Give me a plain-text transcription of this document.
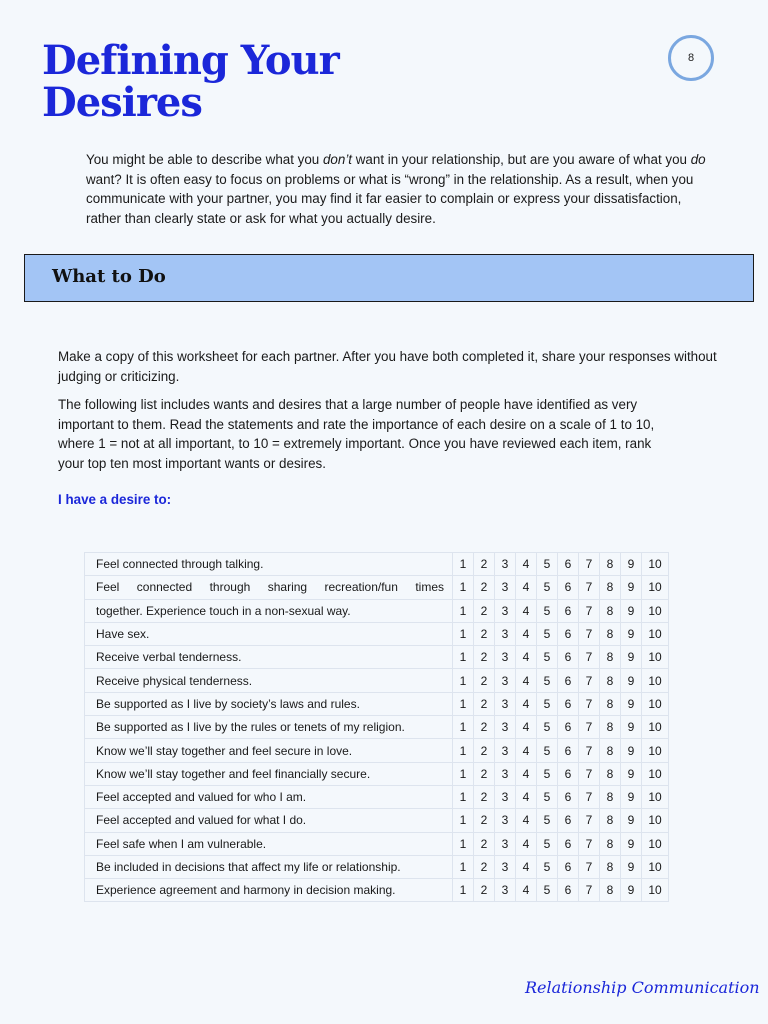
Defining Your
Desires
8

You might be able to describe what you don’t want in your relationship, but are you aware of what you do want? It is often easy to focus on problems or what is “wrong” in the relationship. As a result, when you communicate with your partner, you may find it far easier to complain or express your dissatisfaction, rather than clearly state or ask for what you actually desire.

What to Do

Make a copy of this worksheet for each partner. After you have both completed it, share your responses without judging or criticizing.

The following list includes wants and desires that a large number of people have identified as very important to them. Read the statements and rate the importance of each desire on a scale of 1 to 10, where 1 = not at all important, to 10 = extremely important. Once you have reviewed each item, rank your top ten most important wants or desires.

I have a desire to:

Feel connected through talking.	1	2	3	4	5	6	7	8	9	10
Feel connected through sharing recreation/fun times	1	2	3	4	5	6	7	8	9	10
together. Experience touch in a non-sexual way.	1	2	3	4	5	6	7	8	9	10
Have sex.	1	2	3	4	5	6	7	8	9	10
Receive verbal tenderness.	1	2	3	4	5	6	7	8	9	10
Receive physical tenderness.	1	2	3	4	5	6	7	8	9	10
Be supported as I live by society’s laws and rules.	1	2	3	4	5	6	7	8	9	10
Be supported as I live by the rules or tenets of my religion.	1	2	3	4	5	6	7	8	9	10
Know we’ll stay together and feel secure in love.	1	2	3	4	5	6	7	8	9	10
Know we’ll stay together and feel financially secure.	1	2	3	4	5	6	7	8	9	10
Feel accepted and valued for who I am.	1	2	3	4	5	6	7	8	9	10
Feel accepted and valued for what I do.	1	2	3	4	5	6	7	8	9	10
Feel safe when I am vulnerable.	1	2	3	4	5	6	7	8	9	10
Be included in decisions that affect my life or relationship.	1	2	3	4	5	6	7	8	9	10
Experience agreement and harmony in decision making.	1	2	3	4	5	6	7	8	9	10

Relationship Communication
